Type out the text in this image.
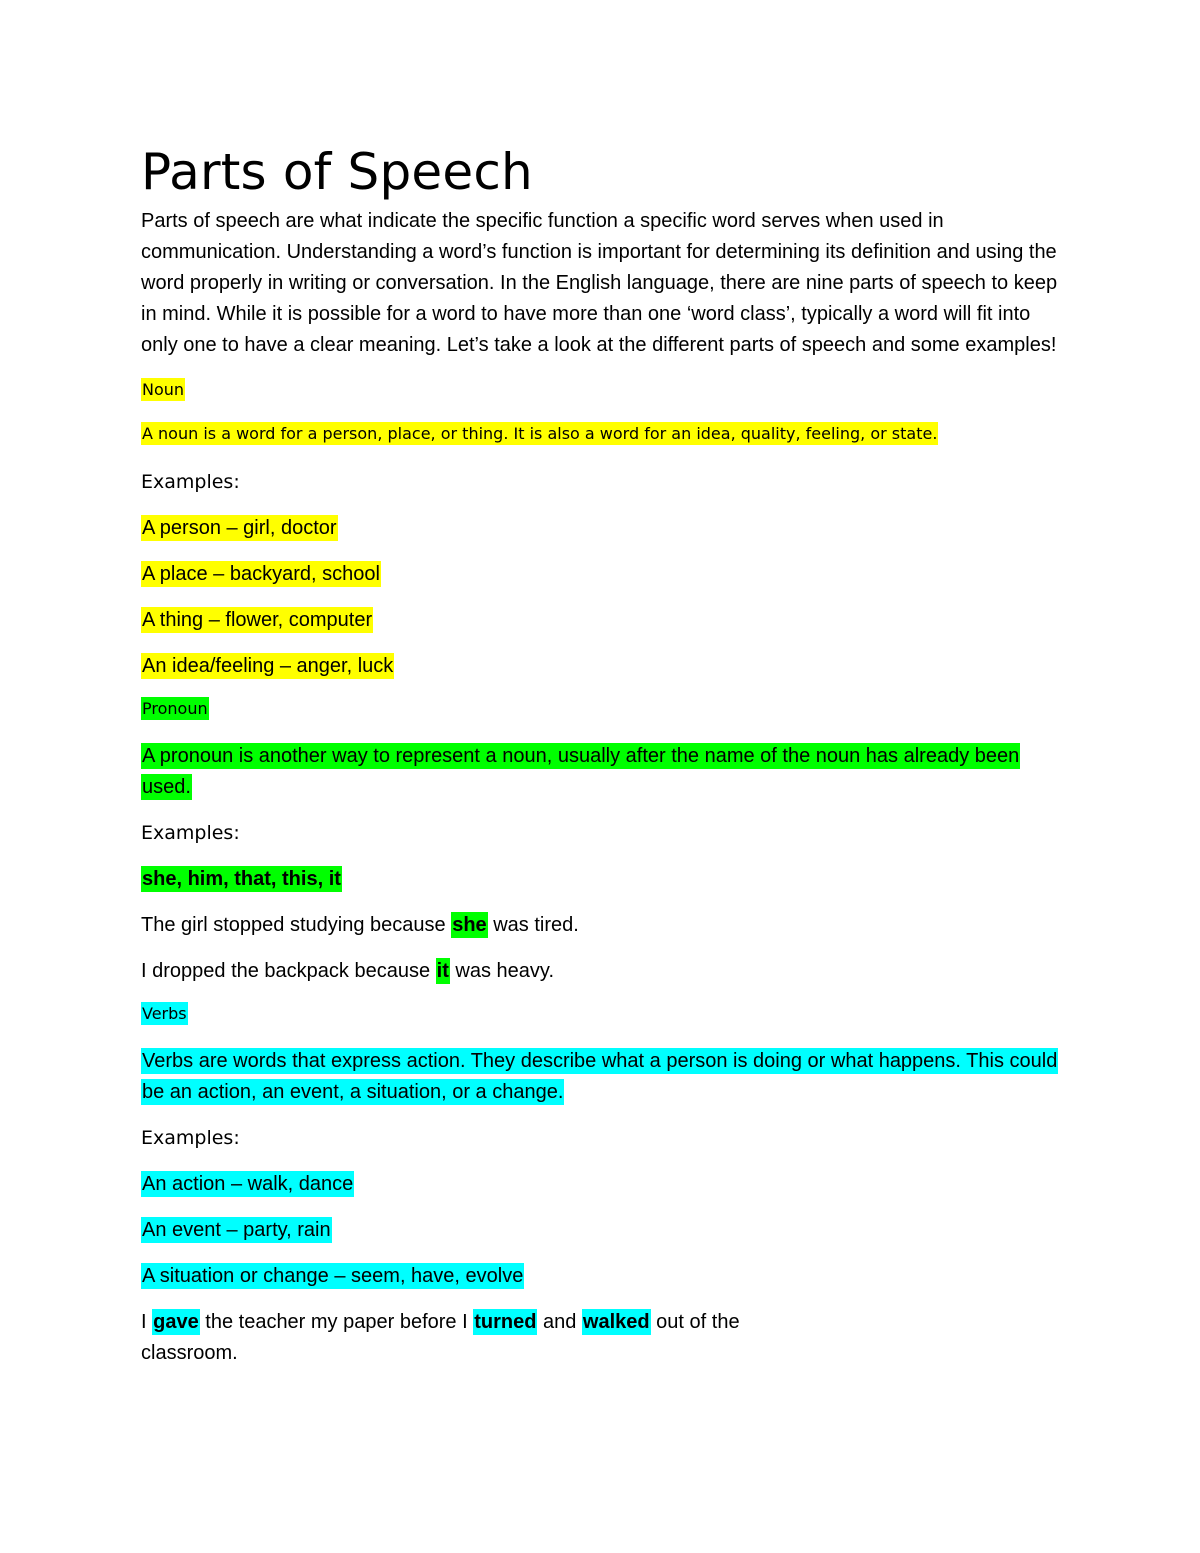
Parts of Speech

Parts of speech are what indicate the specific function a specific word serves when used in communication. Understanding a word’s function is important for determining its definition and using the word properly in writing or conversation. In the English language, there are nine parts of speech to keep in mind. While it is possible for a word to have more than one ‘word class’, typically a word will fit into only one to have a clear meaning. Let’s take a look at the different parts of speech and some examples!

Noun

A noun is a word for a person, place, or thing. It is also a word for an idea, quality, feeling, or state.

Examples:

A person – girl, doctor

A place – backyard, school

A thing – flower, computer

An idea/feeling – anger, luck

Pronoun

A pronoun is another way to represent a noun, usually after the name of the noun has already been used.

Examples:

she, him, that, this, it

The girl stopped studying because she was tired.

I dropped the backpack because it was heavy.

Verbs

Verbs are words that express action. They describe what a person is doing or what happens. This could be an action, an event, a situation, or a change.

Examples:

An action – walk, dance

An event – party, rain

A situation or change – seem, have, evolve

I gave the teacher my paper before I turned and walked out of the
classroom.
